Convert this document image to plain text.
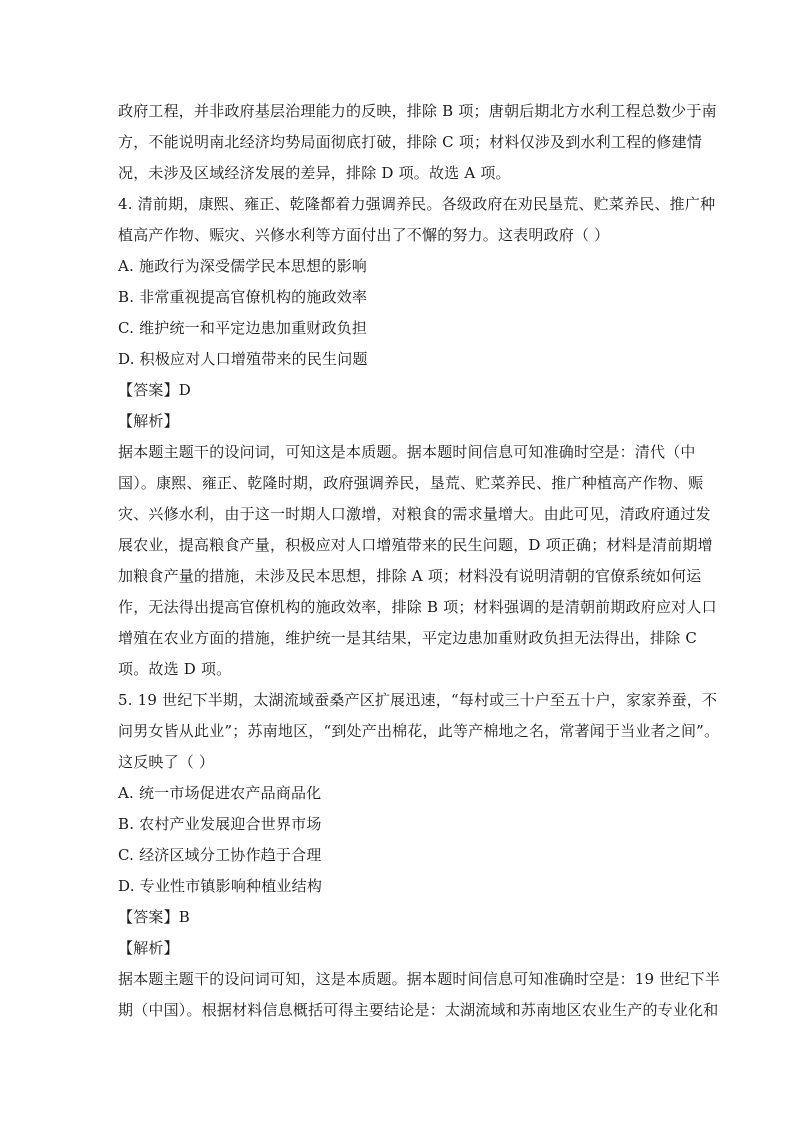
政府工程，并非政府基层治理能力的反映，排除 B 项；唐朝后期北方水利工程总数少于南
方，不能说明南北经济均势局面彻底打破，排除 C 项；材料仅涉及到水利工程的修建情
况，未涉及区域经济发展的差异，排除 D 项。故选 A 项。
4. 清前期，康熙、雍正、乾隆都着力强调养民。各级政府在劝民垦荒、贮菜养民、推广种
植高产作物、赈灾、兴修水利等方面付出了不懈的努力。这表明政府（ ）
A. 施政行为深受儒学民本思想的影响
B. 非常重视提高官僚机构的施政效率
C. 维护统一和平定边患加重财政负担
D. 积极应对人口增殖带来的民生问题
【答案】D
【解析】
据本题主题干的设问词，可知这是本质题。据本题时间信息可知准确时空是：清代（中
国）。康熙、雍正、乾隆时期，政府强调养民，垦荒、贮菜养民、推广种植高产作物、赈
灾、兴修水利，由于这一时期人口激增，对粮食的需求量增大。由此可见，清政府通过发
展农业，提高粮食产量，积极应对人口增殖带来的民生问题，D 项正确；材料是清前期增
加粮食产量的措施，未涉及民本思想，排除 A 项；材料没有说明清朝的官僚系统如何运
作，无法得出提高官僚机构的施政效率，排除 B 项；材料强调的是清朝前期政府应对人口
增殖在农业方面的措施，维护统一是其结果，平定边患加重财政负担无法得出，排除 C
项。故选 D 项。
5. 19 世纪下半期，太湖流域蚕桑产区扩展迅速，“每村或三十户至五十户，家家养蚕，不
问男女皆从此业”；苏南地区，“到处产出棉花，此等产棉地之名，常著闻于当业者之间”。
这反映了（ ）
A. 统一市场促进农产品商品化
B. 农村产业发展迎合世界市场
C. 经济区域分工协作趋于合理
D. 专业性市镇影响种植业结构
【答案】B
【解析】
据本题主题干的设问词可知，这是本质题。据本题时间信息可知准确时空是：19 世纪下半
期（中国）。根据材料信息概括可得主要结论是：太湖流域和苏南地区农业生产的专业化和
